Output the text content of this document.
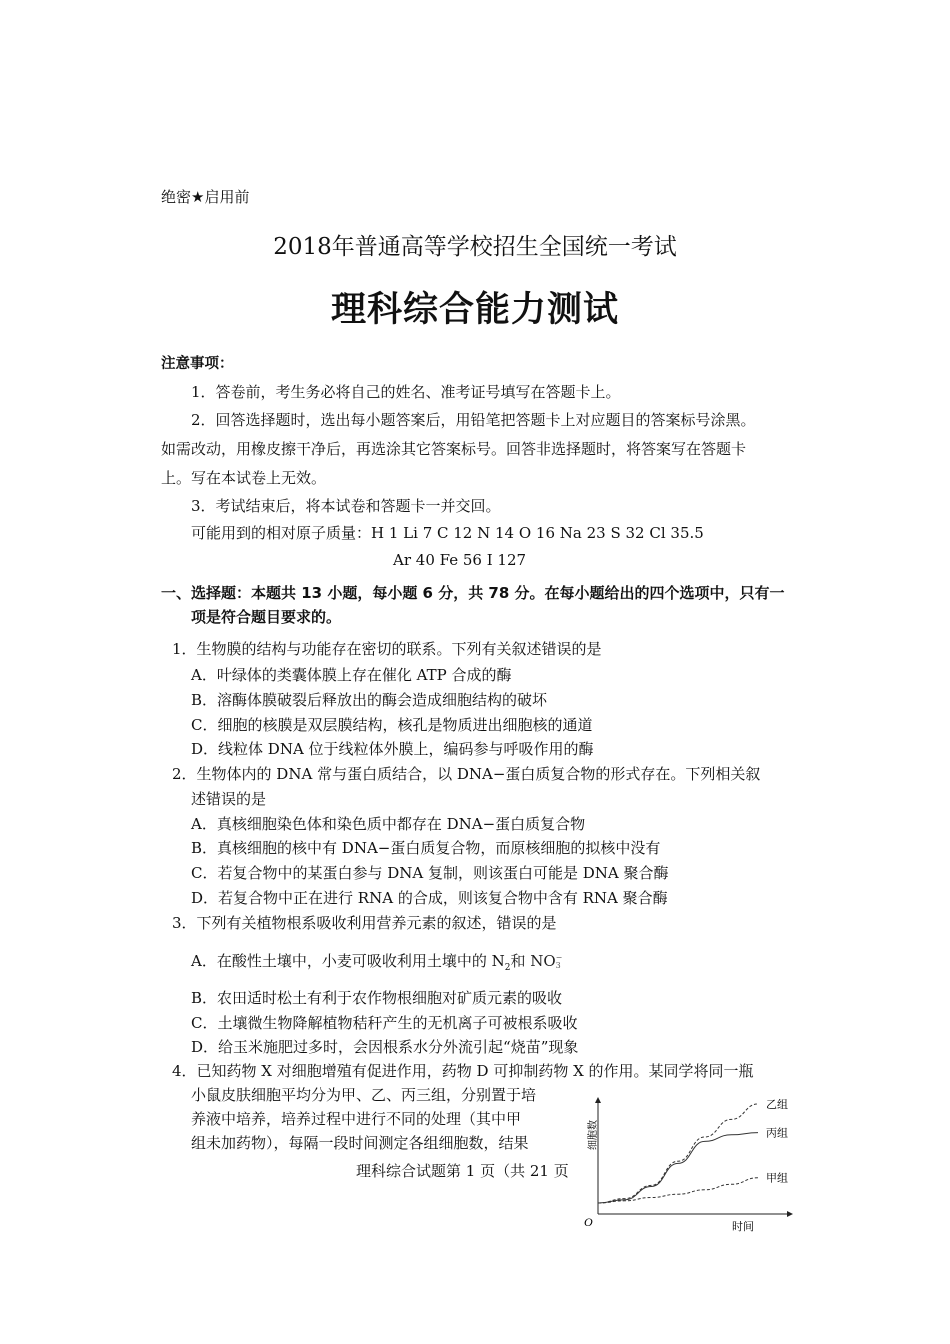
绝密★启用前
2018年普通高等学校招生全国统一考试
理科综合能力测试
注意事项：
1．答卷前，考生务必将自己的姓名、准考证号填写在答题卡上。
2．回答选择题时，选出每小题答案后，用铅笔把答题卡上对应题目的答案标号涂黑。
如需改动，用橡皮擦干净后，再选涂其它答案标号。回答非选择题时，将答案写在答题卡
上。写在本试卷上无效。
3．考试结束后，将本试卷和答题卡一并交回。
可能用到的相对原子质量：H 1 Li 7 C 12 N 14 O 16 Na 23 S 32 Cl 35.5
Ar 40 Fe 56 I 127
一、选择题：本题共 13 小题，每小题 6 分，共 78 分。在每小题给出的四个选项中，只有一
项是符合题目要求的。
1．生物膜的结构与功能存在密切的联系。下列有关叙述错误的是
A．叶绿体的类囊体膜上存在催化 ATP 合成的酶
B．溶酶体膜破裂后释放出的酶会造成细胞结构的破坏
C．细胞的核膜是双层膜结构，核孔是物质进出细胞核的通道
D．线粒体 DNA 位于线粒体外膜上，编码参与呼吸作用的酶
2．生物体内的 DNA 常与蛋白质结合，以 DNA−蛋白质复合物的形式存在。下列相关叙
述错误的是
A．真核细胞染色体和染色质中都存在 DNA−蛋白质复合物
B．真核细胞的核中有 DNA−蛋白质复合物，而原核细胞的拟核中没有
C．若复合物中的某蛋白参与 DNA 复制，则该蛋白可能是 DNA 聚合酶
D．若复合物中正在进行 RNA 的合成，则该复合物中含有 RNA 聚合酶
3．下列有关植物根系吸收利用营养元素的叙述，错误的是
A．在酸性土壤中，小麦可吸收利用土壤中的 $N_2$和 NO −
3
B．农田适时松土有利于农作物根细胞对矿质元素的吸收
C．土壤微生物降解植物秸秆产生的无机离子可被根系吸收
D．给玉米施肥过多时，会因根系水分外流引起“烧苗”现象
4．已知药物 X 对细胞增殖有促进作用，药物 D 可抑制药物 X 的作用。某同学将同一瓶
小鼠皮肤细胞平均分为甲、乙、丙三组，分别置于培
养液中培养，培养过程中进行不同的处理（其中甲
组未加药物），每隔一段时间测定各组细胞数，结果
O	时间
细胞数
乙组
丙组
甲组
理科综合试题第 1 页（共 21 页
